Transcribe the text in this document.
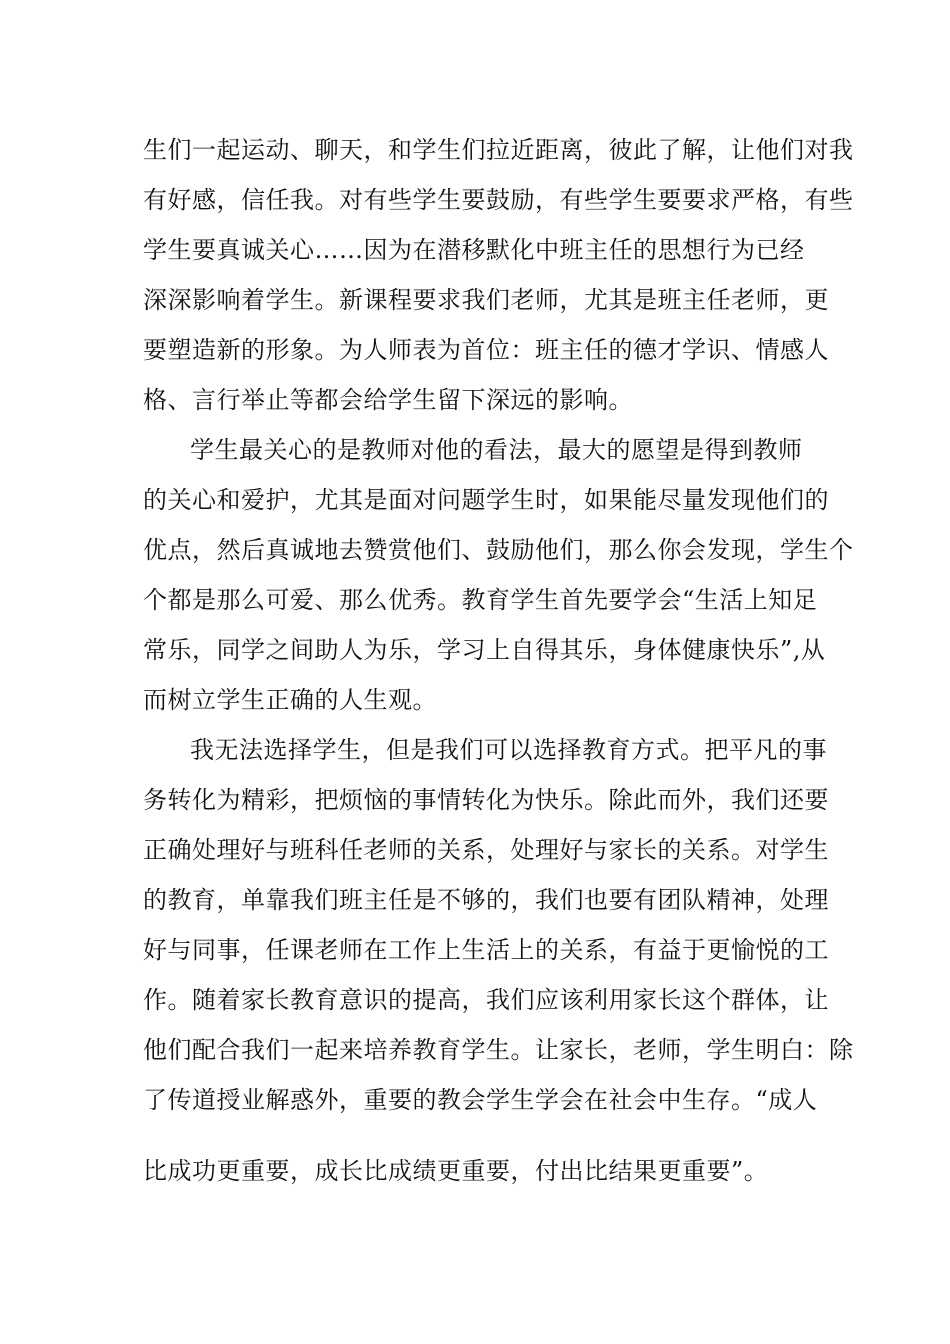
生们一起运动、聊天，和学生们拉近距离，彼此了解，让他们对我
有好感，信任我。对有些学生要鼓励，有些学生要要求严格，有些
学生要真诚关心……因为在潜移默化中班主任的思想行为已经
深深影响着学生。新课程要求我们老师，尤其是班主任老师，更
要塑造新的形象。为人师表为首位：班主任的德才学识、情感人
格、言行举止等都会给学生留下深远的影响。
学生最关心的是教师对他的看法，最大的愿望是得到教师
的关心和爱护，尤其是面对问题学生时，如果能尽量发现他们的
优点，然后真诚地去赞赏他们、鼓励他们，那么你会发现，学生个
个都是那么可爱、那么优秀。教育学生首先要学会“生活上知足
常乐，同学之间助人为乐，学习上自得其乐，身体健康快乐”,从
而树立学生正确的人生观。
我无法选择学生，但是我们可以选择教育方式。把平凡的事
务转化为精彩，把烦恼的事情转化为快乐。除此而外，我们还要
正确处理好与班科任老师的关系，处理好与家长的关系。对学生
的教育，单靠我们班主任是不够的，我们也要有团队精神，处理
好与同事，任课老师在工作上生活上的关系，有益于更愉悦的工
作。随着家长教育意识的提高，我们应该利用家长这个群体，让
他们配合我们一起来培养教育学生。让家长，老师，学生明白：除
了传道授业解惑外，重要的教会学生学会在社会中生存。“成人
比成功更重要，成长比成绩更重要，付出比结果更重要”。
